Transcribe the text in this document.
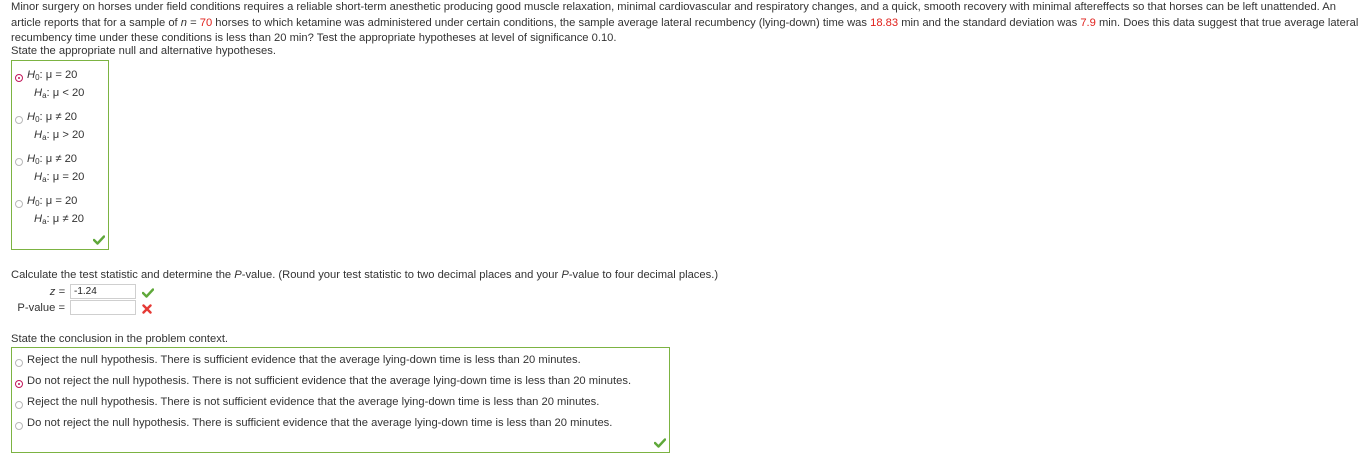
Minor surgery on horses under field conditions requires a reliable short-term anesthetic producing good muscle relaxation, minimal cardiovascular and respiratory changes, and a quick, smooth recovery with minimal aftereffects so that horses can be left unattended. An article reports that for a sample of n = 70 horses to which ketamine was administered under certain conditions, the sample average lateral recumbency (lying-down) time was 18.83 min and the standard deviation was 7.9 min. Does this data suggest that true average lateral recumbency time under these conditions is less than 20 min? Test the appropriate hypotheses at level of significance 0.10.
State the appropriate null and alternative hypotheses.
$H_0$: μ = 20
$H_a$: μ < 20
$H_0$: μ ≠ 20
$H_a$: μ > 20
$H_0$: μ ≠ 20
$H_a$: μ = 20
$H_0$: μ = 20
$H_a$: μ ≠ 20
Calculate the test statistic and determine the P-value. (Round your test statistic to two decimal places and your P-value to four decimal places.)
z = -1.24
P-value =
State the conclusion in the problem context.
Reject the null hypothesis. There is sufficient evidence that the average lying-down time is less than 20 minutes.
Do not reject the null hypothesis. There is not sufficient evidence that the average lying-down time is less than 20 minutes.
Reject the null hypothesis. There is not sufficient evidence that the average lying-down time is less than 20 minutes.
Do not reject the null hypothesis. There is sufficient evidence that the average lying-down time is less than 20 minutes.
